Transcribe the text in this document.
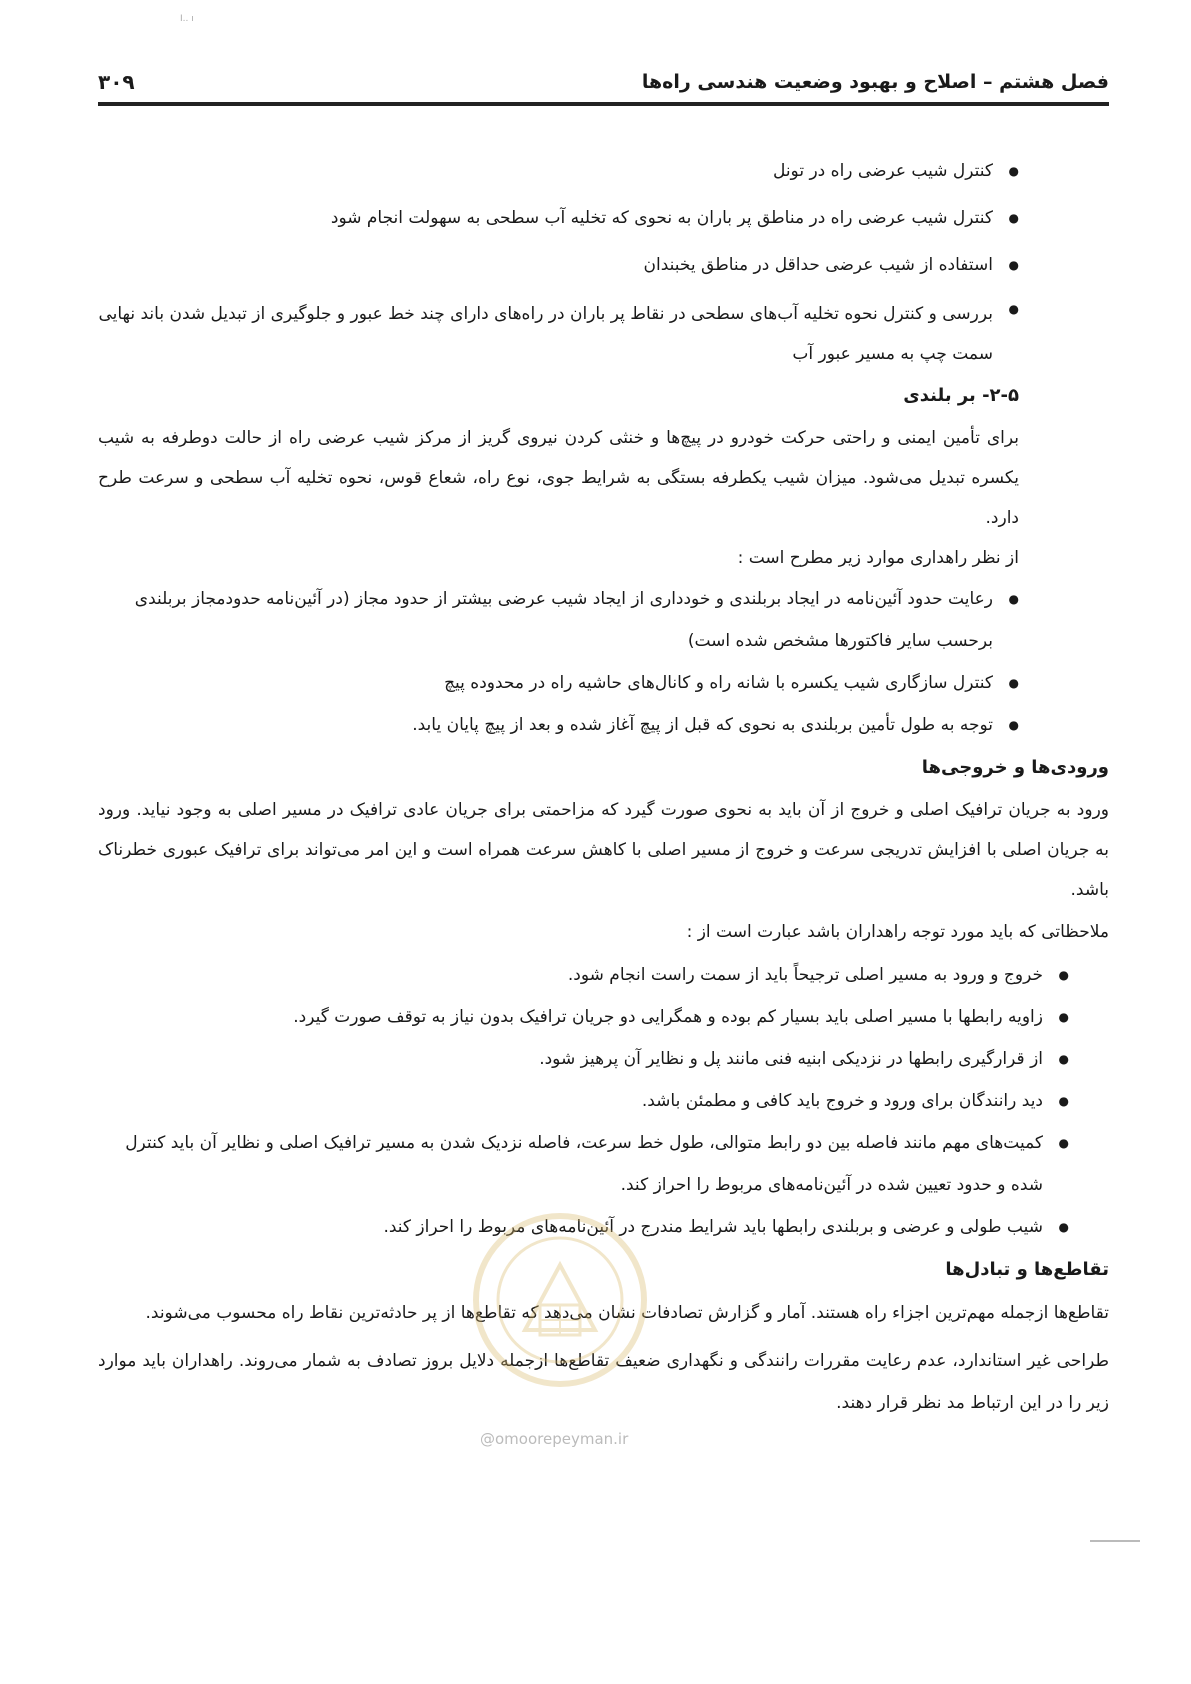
I.. ı
فصل هشتم – اصلاح و بهبود وضعیت هندسی راه‌ها
۳۰۹
● کنترل شیب عرضی راه در تونل
● کنترل شیب عرضی راه در مناطق پر باران به نحوی که تخلیه آب سطحی به سهولت انجام شود
● استفاده از شیب عرضی حداقل در مناطق یخبندان
● بررسی و کنترل نحوه تخلیه آب‌های سطحی در نقاط پر باران در راه‌های دارای چند خط عبور و جلوگیری از تبدیل شدن باند نهایی سمت چپ به مسیر عبور آب
۲-۵- بر بلندی

برای تأمین ایمنی و راحتی حرکت خودرو در پیچ‌ها و خنثی کردن نیروی گریز از مرکز شیب عرضی راه از حالت دوطرفه به شیب یکسره تبدیل می‌شود. میزان شیب یکطرفه بستگی به شرایط جوی، نوع راه، شعاع قوس، نحوه تخلیه آب سطحی و سرعت طرح دارد.

از نظر راهداری موارد زیر مطرح است :

● رعایت حدود آئین‌نامه در ایجاد بربلندی و خودداری از ایجاد شیب عرضی بیشتر از حدود مجاز (در آئین‌نامه حدودمجاز بربلندی برحسب سایر فاکتورها مشخص شده است)
● کنترل سازگاری شیب یکسره با شانه راه و کانال‌های حاشیه راه در محدوده پیچ
● توجه به طول تأمین بربلندی به نحوی که قبل از پیچ آغاز شده و بعد از پیچ پایان یابد.
ورودی‌ها و خروجی‌ها

ورود به جریان ترافیک اصلی و خروج از آن باید به نحوی صورت گیرد که مزاحمتی برای جریان عادی ترافیک در مسیر اصلی به وجود نیاید. ورود به جریان اصلی با افزایش تدریجی سرعت و خروج از مسیر اصلی با کاهش سرعت همراه است و این امر می‌تواند برای ترافیک عبوری خطرناک باشد.

ملاحظاتی که باید مورد توجه راهداران باشد عبارت است از :

● خروج و ورود به مسیر اصلی ترجیحاً باید از سمت راست انجام شود.
● زاویه رابطها با مسیر اصلی باید بسیار کم بوده و همگرایی دو جریان ترافیک بدون نیاز به توقف صورت گیرد.
● از قرارگیری رابطها در نزدیکی ابنیه فنی مانند پل و نظایر آن پرهیز شود.
● دید رانندگان برای ورود و خروج باید کافی و مطمئن باشد.
● کمیت‌های مهم مانند فاصله بین دو رابط متوالی، طول خط سرعت، فاصله نزدیک شدن به مسیر ترافیک اصلی و نظایر آن باید کنترل شده و حدود تعیین شده در آئین‌نامه‌های مربوط را احراز کند.
● شیب طولی و عرضی و بربلندی رابطها باید شرایط مندرج در آئین‌نامه‌های مربوط را احراز کند.
تقاطع‌ها و تبادل‌ها

تقاطع‌ها ازجمله مهم‌ترین اجزاء راه هستند. آمار و گزارش تصادفات نشان می‌دهد که تقاطع‌ها از پر حادثه‌ترین نقاط راه محسوب می‌شوند.

طراحی غیر استاندارد، عدم رعایت مقررات رانندگی و نگهداری ضعیف تقاطع‌ها ازجمله دلایل بروز تصادف به شمار می‌روند. راهداران باید موارد زیر را در این ارتباط مد نظر قرار دهند.

@omoorepeyman.ir
